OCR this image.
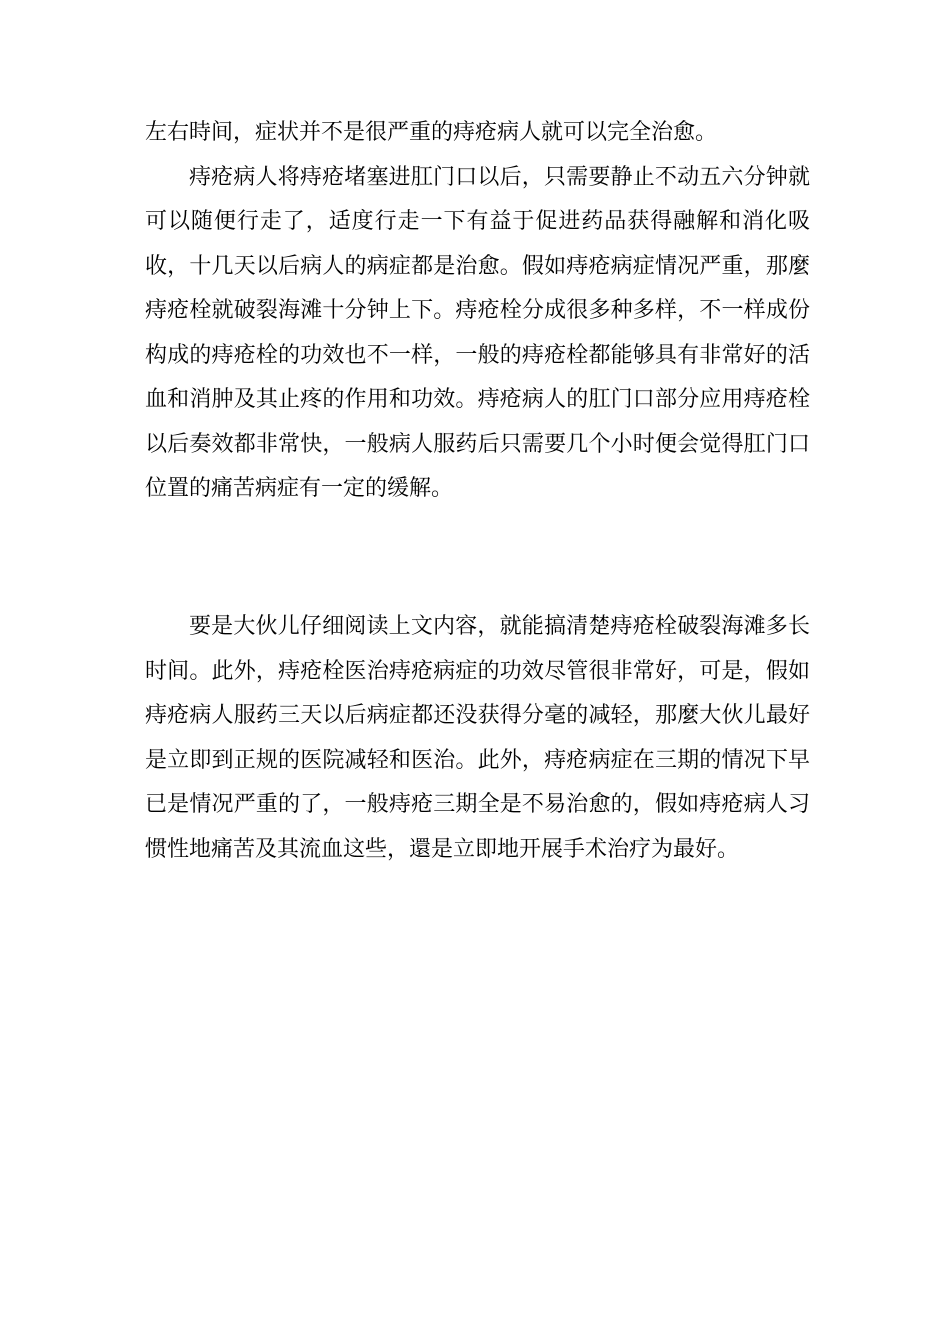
左右時间，症状并不是很严重的痔疮病人就可以完全治愈。

痔疮病人将痔疮堵塞进肛门口以后，只需要静止不动五六分钟就可以随便行走了，适度行走一下有益于促进药品获得融解和消化吸收，十几天以后病人的病症都是治愈。假如痔疮病症情况严重，那麼痔疮栓就破裂海滩十分钟上下。痔疮栓分成很多种多样，不一样成份构成的痔疮栓的功效也不一样，一般的痔疮栓都能够具有非常好的活血和消肿及其止疼的作用和功效。痔疮病人的肛门口部分应用痔疮栓以后奏效都非常快，一般病人服药后只需要几个小时便会觉得肛门口位置的痛苦病症有一定的缓解。

要是大伙儿仔细阅读上文内容，就能搞清楚痔疮栓破裂海滩多长时间。此外，痔疮栓医治痔疮病症的功效尽管很非常好，可是，假如痔疮病人服药三天以后病症都还没获得分毫的减轻，那麼大伙儿最好是立即到正规的医院减轻和医治。此外，痔疮病症在三期的情况下早已是情况严重的了，一般痔疮三期全是不易治愈的，假如痔疮病人习惯性地痛苦及其流血这些，還是立即地开展手术治疗为最好。
